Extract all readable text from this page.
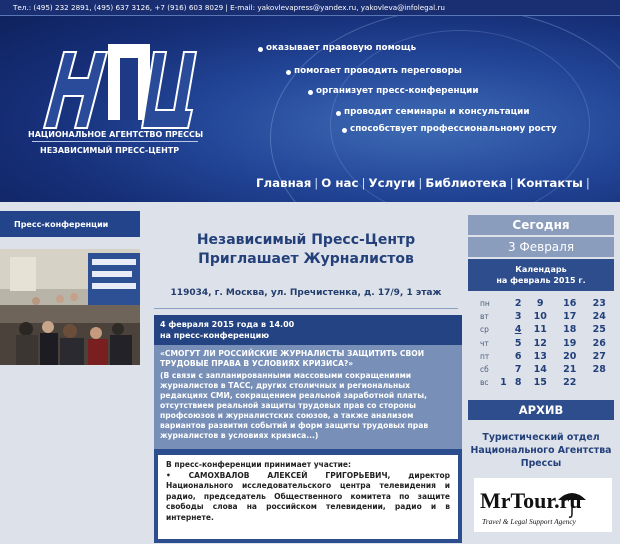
Тел.: (495) 232 2891, (495) 637 3126, +7 (916) 603 8029 | E-mail: yakovlevapress@yandex.ru, yakovleva@infolegal.ru
НАЦИОНАЛЬНОЕ АГЕНТСТВО ПРЕССЫ
НЕЗАВИСИМЫЙ ПРЕСС-ЦЕНТР
оказывает правовую помощь
помогает проводить переговоры
организует пресс-конференции
проводит семинары и консультации
способствует профессиональному росту
Главная | О нас | Услуги | Библиотека | Контакты |
Пресс-конференции
Независимый Пресс-Центр
Приглашает Журналистов
119034, г. Москва, ул. Пречистенка, д. 17/9, 1 этаж
4 февраля 2015 года в 14.00
на пресс-конференцию
«СМОГУТ ЛИ РОССИЙСКИЕ ЖУРНАЛИСТЫ ЗАЩИТИТЬ СВОИ ТРУДОВЫЕ ПРАВА В УСЛОВИЯХ КРИЗИСА?»
(В связи с запланированными массовыми сокращениями журналистов в ТАСС, других столичных и региональных редакциях СМИ, сокращением реальной заработной платы, отсутствием реальной защиты трудовых прав со стороны профсоюзов и журналистских союзов, а также анализом вариантов развития событий и форм защиты трудовых прав журналистов в условиях кризиса...)
В пресс-конференции принимает участие:
• САМОХВАЛОВ АЛЕКСЕЙ ГРИГОРЬЕВИЧ, директор Национального исследовательского центра телевидения и радио, председатель Общественного комитета по защите свободы слова на российском телевидении, радио и в интернете.
Сегодня
3 Февраля
Календарь
на февраль 2015 г.
пн		2	9	16	23
вт		3	10	17	24
ср		4	11	18	25
чт		5	12	19	26
пт		6	13	20	27
сб		7	14	21	28
вс	1	8	15	22	
АРХИВ
Туристический отдел
Национального Агентства
Прессы
MrTour.ru
Travel & Legal Support Agency
